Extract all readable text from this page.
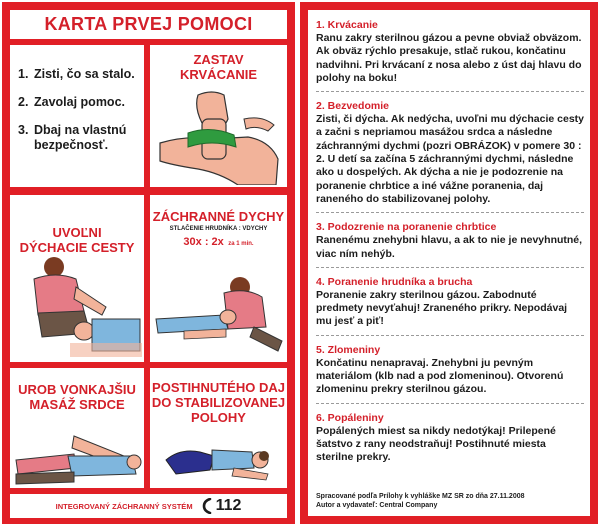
KARTA PRVEJ POMOCI
1. Zisti, čo sa stalo.
2. Zavolaj pomoc.
3. Dbaj na vlastnú
bezpečnosť.
ZASTAV
KRVÁCANIE
UVOĽNI
DÝCHACIE CESTY
ZÁCHRANNÉ DYCHY
STLAČENIE HRUDNÍKA : VDYCHY
30x : 2x za 1 min.
UROB VONKAJŠIU
MASÁŽ SRDCE
POSTIHNUTÉHO DAJ
DO STABILIZOVANEJ
POLOHY
INTEGROVANÝ ZÁCHRANNÝ SYSTÉM 112
1. Krvácanie
Ranu zakry sterilnou gázou a pevne obviaž obväzom. Ak obväz rýchlo presakuje, stlač rukou, končatinu nadvihni. Pri krvácaní z nosa alebo z úst daj hlavu do polohy na boku!
2. Bezvedomie
Zisti, či dýcha. Ak nedýcha, uvoľni mu dýchacie cesty a začni s nepriamou masážou srdca a následne záchrannými dychmi (pozri OBRÁZOK) v pomere 30 : 2. U detí sa začína 5 záchrannými dychmi, následne ako u dospelých. Ak dýcha a nie je podozrenie na poranenie chrbtice a iné vážne poranenia, daj raneného do stabilizovanej polohy.
3. Podozrenie na poranenie chrbtice
Ranenému znehybni hlavu, a ak to nie je nevyhnutné, viac ním nehýb.
4. Poranenie hrudníka a brucha
Poranenie zakry sterilnou gázou. Zabodnuté predmety nevyťahuj! Zraneného prikry. Nepodávaj mu jesť a piť!
5. Zlomeniny
Končatinu nenapravaj. Znehybni ju pevným materiálom (klb nad a pod zlomeninou). Otvorenú zlomeninu prekry sterilnou gázou.
6. Popáleniny
Popálených miest sa nikdy nedotýkaj! Prilepené šatstvo z rany neodstraňuj! Postihnuté miesta sterilne prekry.
Spracované podľa Prílohy k vyhláške MZ SR zo dňa 27.11.2008
Autor a vydavateľ: Central Company
